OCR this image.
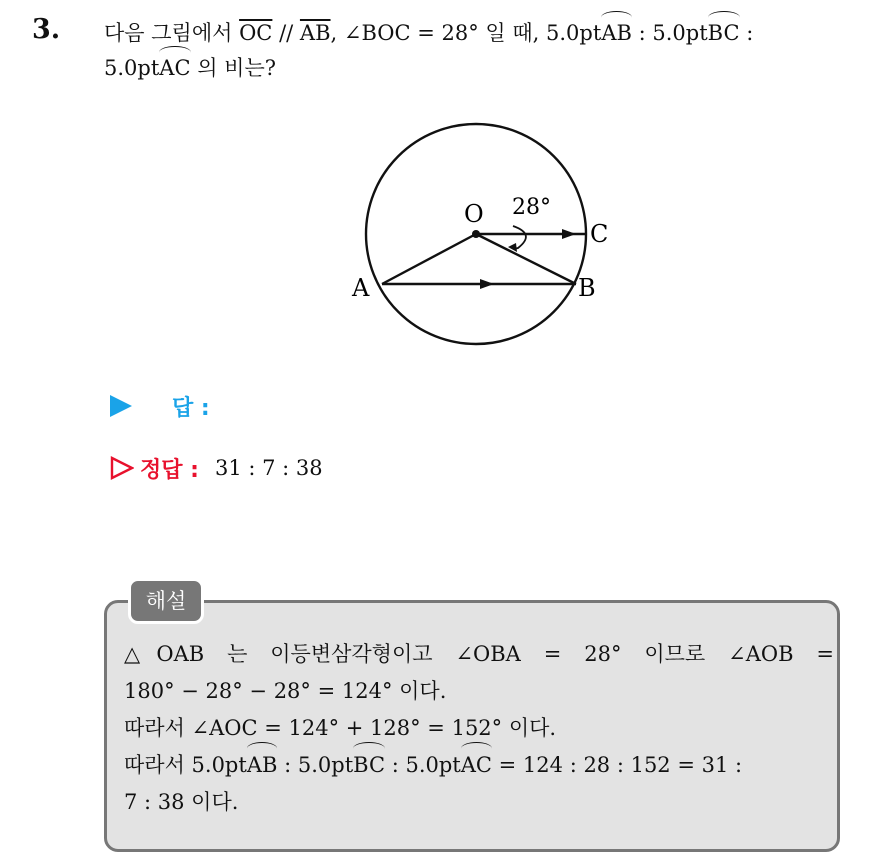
3. 다음 그림에서 $\overline{OC} // \overline{AB}$, ∠BOC = 28° 일 때, 5.0ptAB : 5.0ptBC :
5.0ptAC 의 비는?
O 28°
C
A	B
답 :
정답 : 31 : 7 : 38
해설
△OAB 는 이등변삼각형이고 ∠OBA = 28° 이므로 ∠AOB =
180° − 28° − 28° = 124° 이다.
따라서 ∠AOC = 124° + 128° = 152° 이다.
따라서 5.0ptAB : 5.0ptBC : 5.0ptAC = 124 : 28 : 152 = 31 :
7 : 38 이다.
